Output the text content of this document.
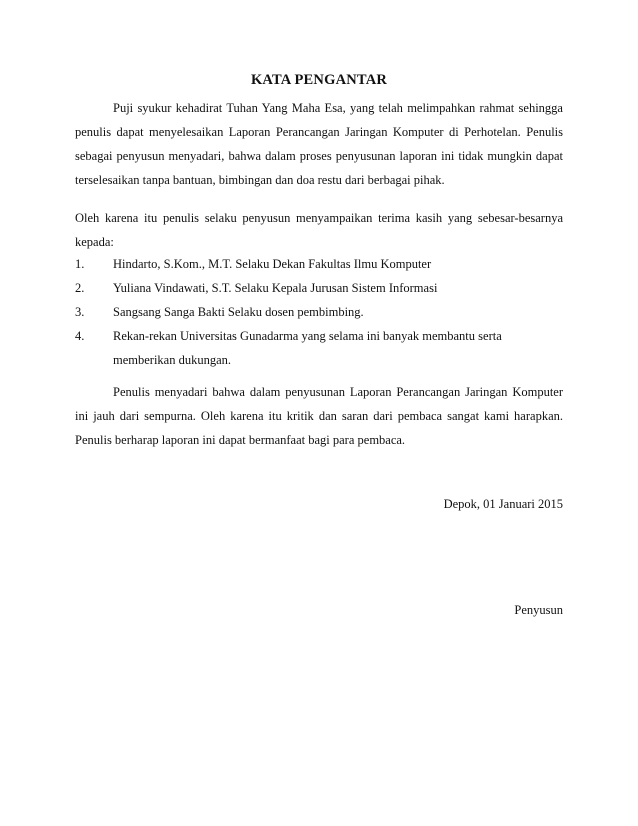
KATA PENGANTAR
Puji syukur kehadirat Tuhan Yang Maha Esa, yang telah melimpahkan rahmat sehingga penulis dapat menyelesaikan Laporan Perancangan Jaringan Komputer di Perhotelan. Penulis sebagai penyusun menyadari, bahwa dalam proses penyusunan laporan ini tidak mungkin dapat terselesaikan tanpa bantuan, bimbingan dan doa restu dari berbagai pihak.
Oleh karena itu penulis selaku penyusun menyampaikan terima kasih yang sebesar-besarnya kepada:
1. Hindarto, S.Kom., M.T. Selaku Dekan Fakultas Ilmu Komputer
2. Yuliana Vindawati, S.T. Selaku Kepala Jurusan Sistem Informasi
3. Sangsang Sanga Bakti Selaku dosen pembimbing.
4. Rekan-rekan Universitas Gunadarma yang selama ini banyak membantu serta memberikan dukungan.
Penulis menyadari bahwa dalam penyusunan Laporan Perancangan Jaringan Komputer ini jauh dari sempurna. Oleh karena itu kritik dan saran dari pembaca sangat kami harapkan. Penulis berharap laporan ini dapat bermanfaat bagi para pembaca.
Depok, 01 Januari 2015
Penyusun
